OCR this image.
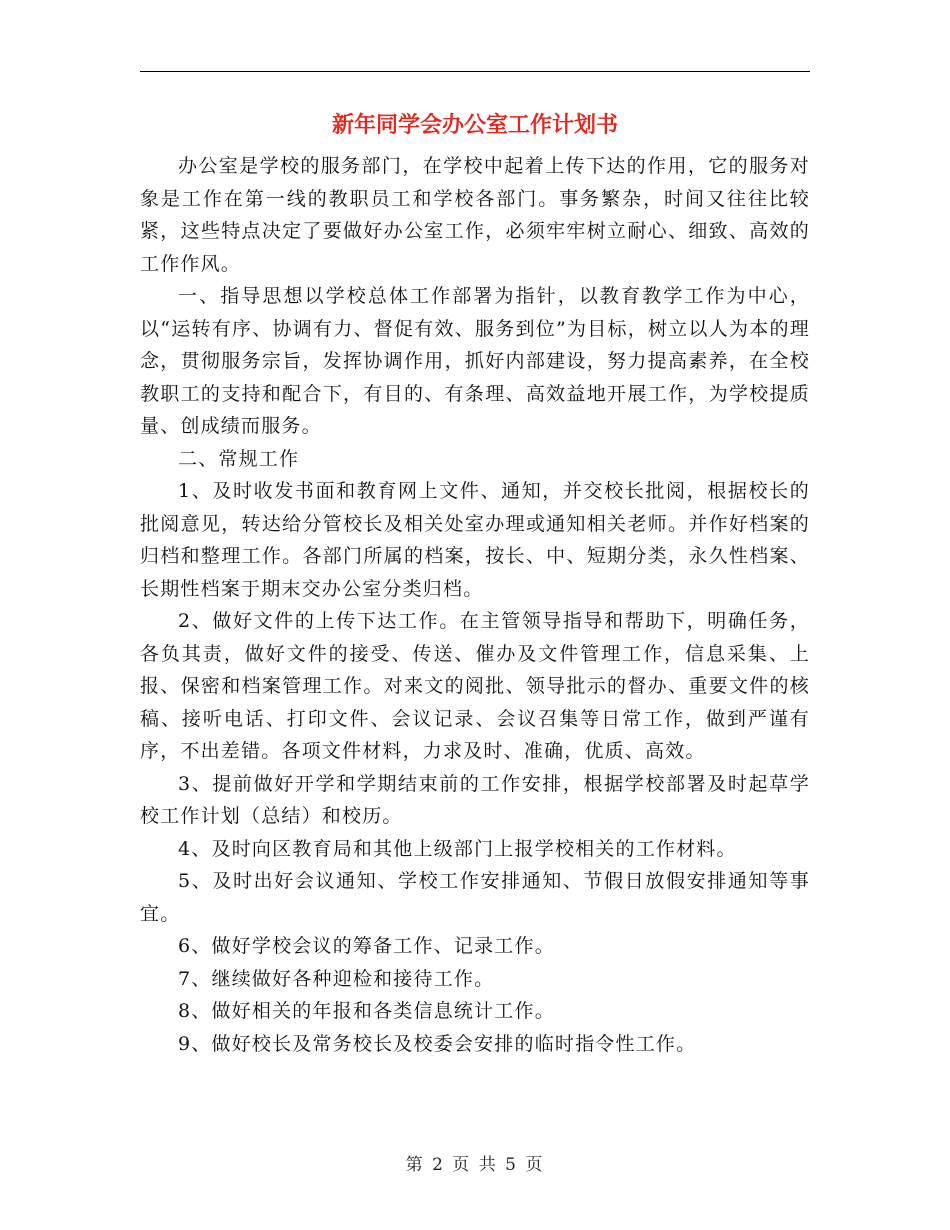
新年同学会办公室工作计划书

办公室是学校的服务部门，在学校中起着上传下达的作用，它的服务对象是工作在第一线的教职员工和学校各部门。事务繁杂，时间又往往比较紧，这些特点决定了要做好办公室工作，必须牢牢树立耐心、细致、高效的工作作风。

一、指导思想以学校总体工作部署为指针，以教育教学工作为中心，以“运转有序、协调有力、督促有效、服务到位”为目标，树立以人为本的理念，贯彻服务宗旨，发挥协调作用，抓好内部建设，努力提高素养，在全校教职工的支持和配合下，有目的、有条理、高效益地开展工作，为学校提质量、创成绩而服务。

二、常规工作

1、及时收发书面和教育网上文件、通知，并交校长批阅，根据校长的批阅意见，转达给分管校长及相关处室办理或通知相关老师。并作好档案的归档和整理工作。各部门所属的档案，按长、中、短期分类，永久性档案、长期性档案于期末交办公室分类归档。

2、做好文件的上传下达工作。在主管领导指导和帮助下，明确任务，各负其责，做好文件的接受、传送、催办及文件管理工作，信息采集、上报、保密和档案管理工作。对来文的阅批、领导批示的督办、重要文件的核稿、接听电话、打印文件、会议记录、会议召集等日常工作，做到严谨有序，不出差错。各项文件材料，力求及时、准确，优质、高效。

3、提前做好开学和学期结束前的工作安排，根据学校部署及时起草学校工作计划（总结）和校历。

4、及时向区教育局和其他上级部门上报学校相关的工作材料。

5、及时出好会议通知、学校工作安排通知、节假日放假安排通知等事宜。

6、做好学校会议的筹备工作、记录工作。

7、继续做好各种迎检和接待工作。

8、做好相关的年报和各类信息统计工作。

9、做好校长及常务校长及校委会安排的临时指令性工作。

第 2 页 共 5 页
